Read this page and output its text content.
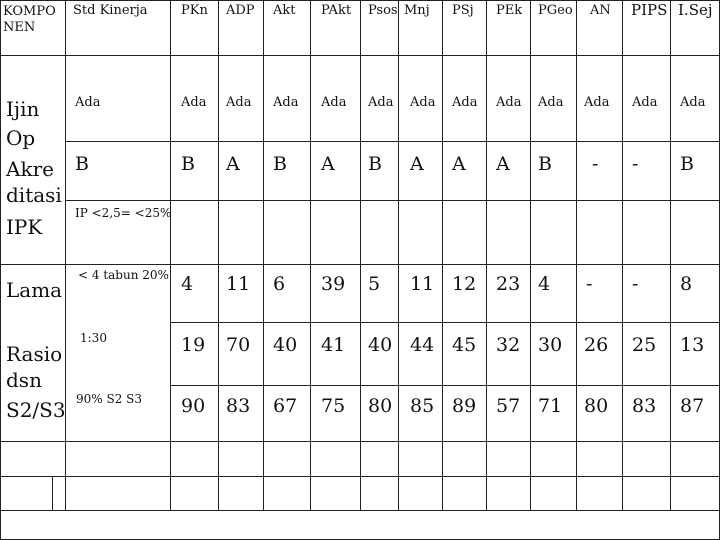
KOMPO NEN
Std Kinerja	PKn ADP Akt PAkt Psos Mnj PSj PEk PGeo AN PIPS I.Sej
Ijin
Op
Akre
ditasi
IPK
Lama
Rasio
dsn
S2/S3
Ada
B
IP <2,5= <25%
< 4 tabun 20%
1:30
90% S2 S3
Ada Ada Ada Ada Ada Ada Ada Ada Ada Ada Ada Ada
B A B A B A A A B - - B
4 11 6 39 5 11 12 23 4 - - 8
19 70 40 41 40 44 45 32 30 26 25 13
90 83 67 75 80 85 89 57 71 80 83 87
